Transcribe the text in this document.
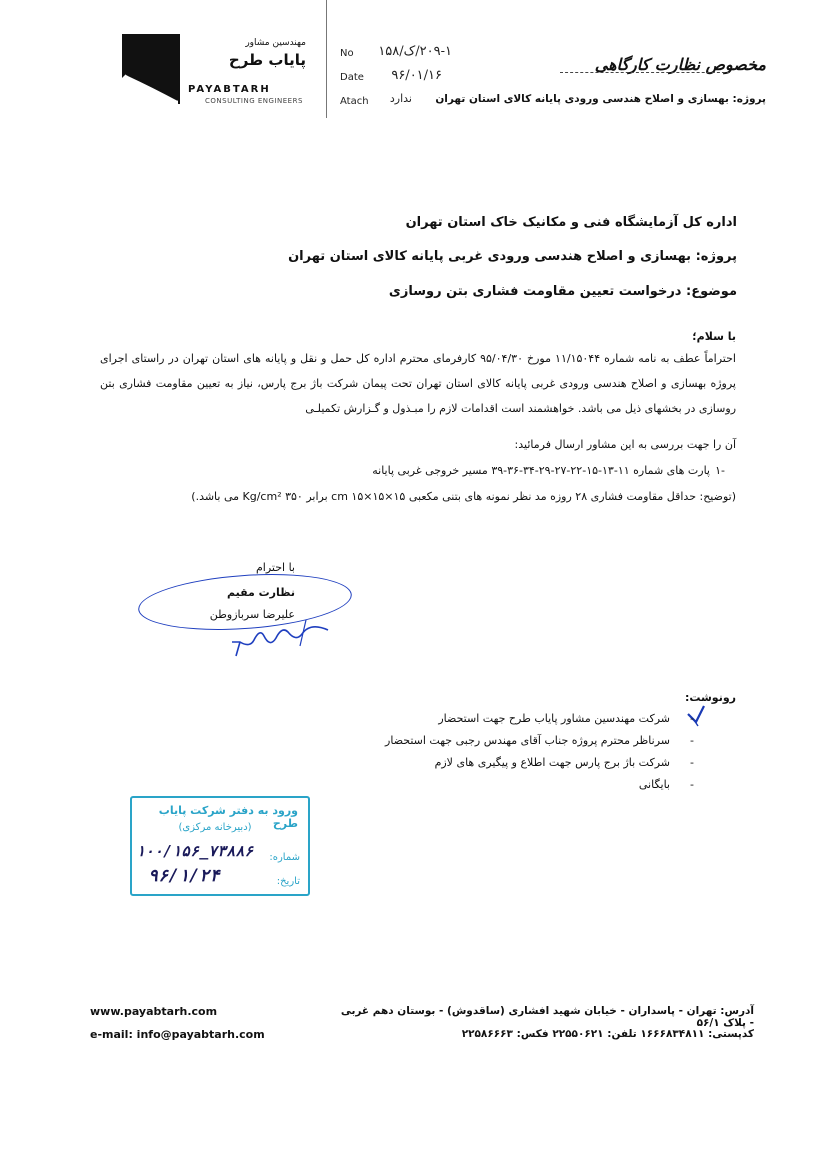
مهندسین مشاور
پایاب طرح
PAYABTARH
CONSULTING ENGINEERS
No	۲۰۹-۱/ک/۱۵۸
Date	۹۶/۰۱/۱۶
Atach	ندارد
مخصوص نظارت کارگاهی
پروژه: بهسازی و اصلاح هندسی ورودی پایانه کالای استان تهران
اداره کل آزمایشگاه فنی و مکانیک خاک استان تهران
پروژه: بهسازی و اصلاح هندسی ورودی غربی پایانه کالای استان تهران
موضوع: درخواست تعیین مقاومت فشاری بتن روسازی
با سلام؛
احتراماً عطف به نامه شماره ۱۱/۱۵۰۴۴ مورخ ۹۵/۰۴/۳۰ کارفرمای محترم اداره کل حمل و نقل و پایانه های استان تهران در راستای اجرای پروژه بهسازی و اصلاح هندسی ورودی غربی پایانه کالای استان تهران تحت پیمان شرکت باژ برج پارس، نیاز به تعیین مقاومت فشاری بتن روسازی در بخشهای ذیل می باشد. خواهشمند است اقدامات لازم را مبـذول و گـزارش تکمیلـی
آن را جهت بررسی به این مشاور ارسال فرمائید:
۱-
پارت های شماره ۱۱-۱۳-۱۵-۲۲-۲۷-۲۹-۳۴-۳۶-۳۹ مسیر خروجی غربی پایانه
(توضیح: حداقل مقاومت فشاری ۲۸ روزه مد نظر نمونه های بتنی مکعبی ۱۵×۱۵×۱۵ cm برابر ۳۵۰ Kg/cm² می باشد.)
با احترام
نظارت مقیم
علیرضا سربازوطن
رونوشت:
-
شرکت مهندسین مشاور پایاب طرح جهت استحضار
-
سرناظر محترم پروژه جناب آقای مهندس رجبی جهت استحضار
-
شرکت باژ برج پارس جهت اطلاع و پیگیری های لازم
-
بایگانی
ورود به دفتر شرکت پایاب طرح
(دبیرخانه مرکزی)
شماره:
۱۰۰/۱۵۶_۷۳۸۸۶
تاریخ:
۹۶/۱/۲۴
www.payabtarh.com
e-mail: info@payabtarh.com
آدرس: تهران - پاسداران - خیابان شهید افشاری (ساقدوش) - بوستان دهم غربی - پلاک ۵۶/۱
کدپستی: ۱۶۶۶۸۳۴۸۱۱ تلفن: ۲۲۵۵۰۶۲۱ فکس: ۲۲۵۸۶۶۶۳
